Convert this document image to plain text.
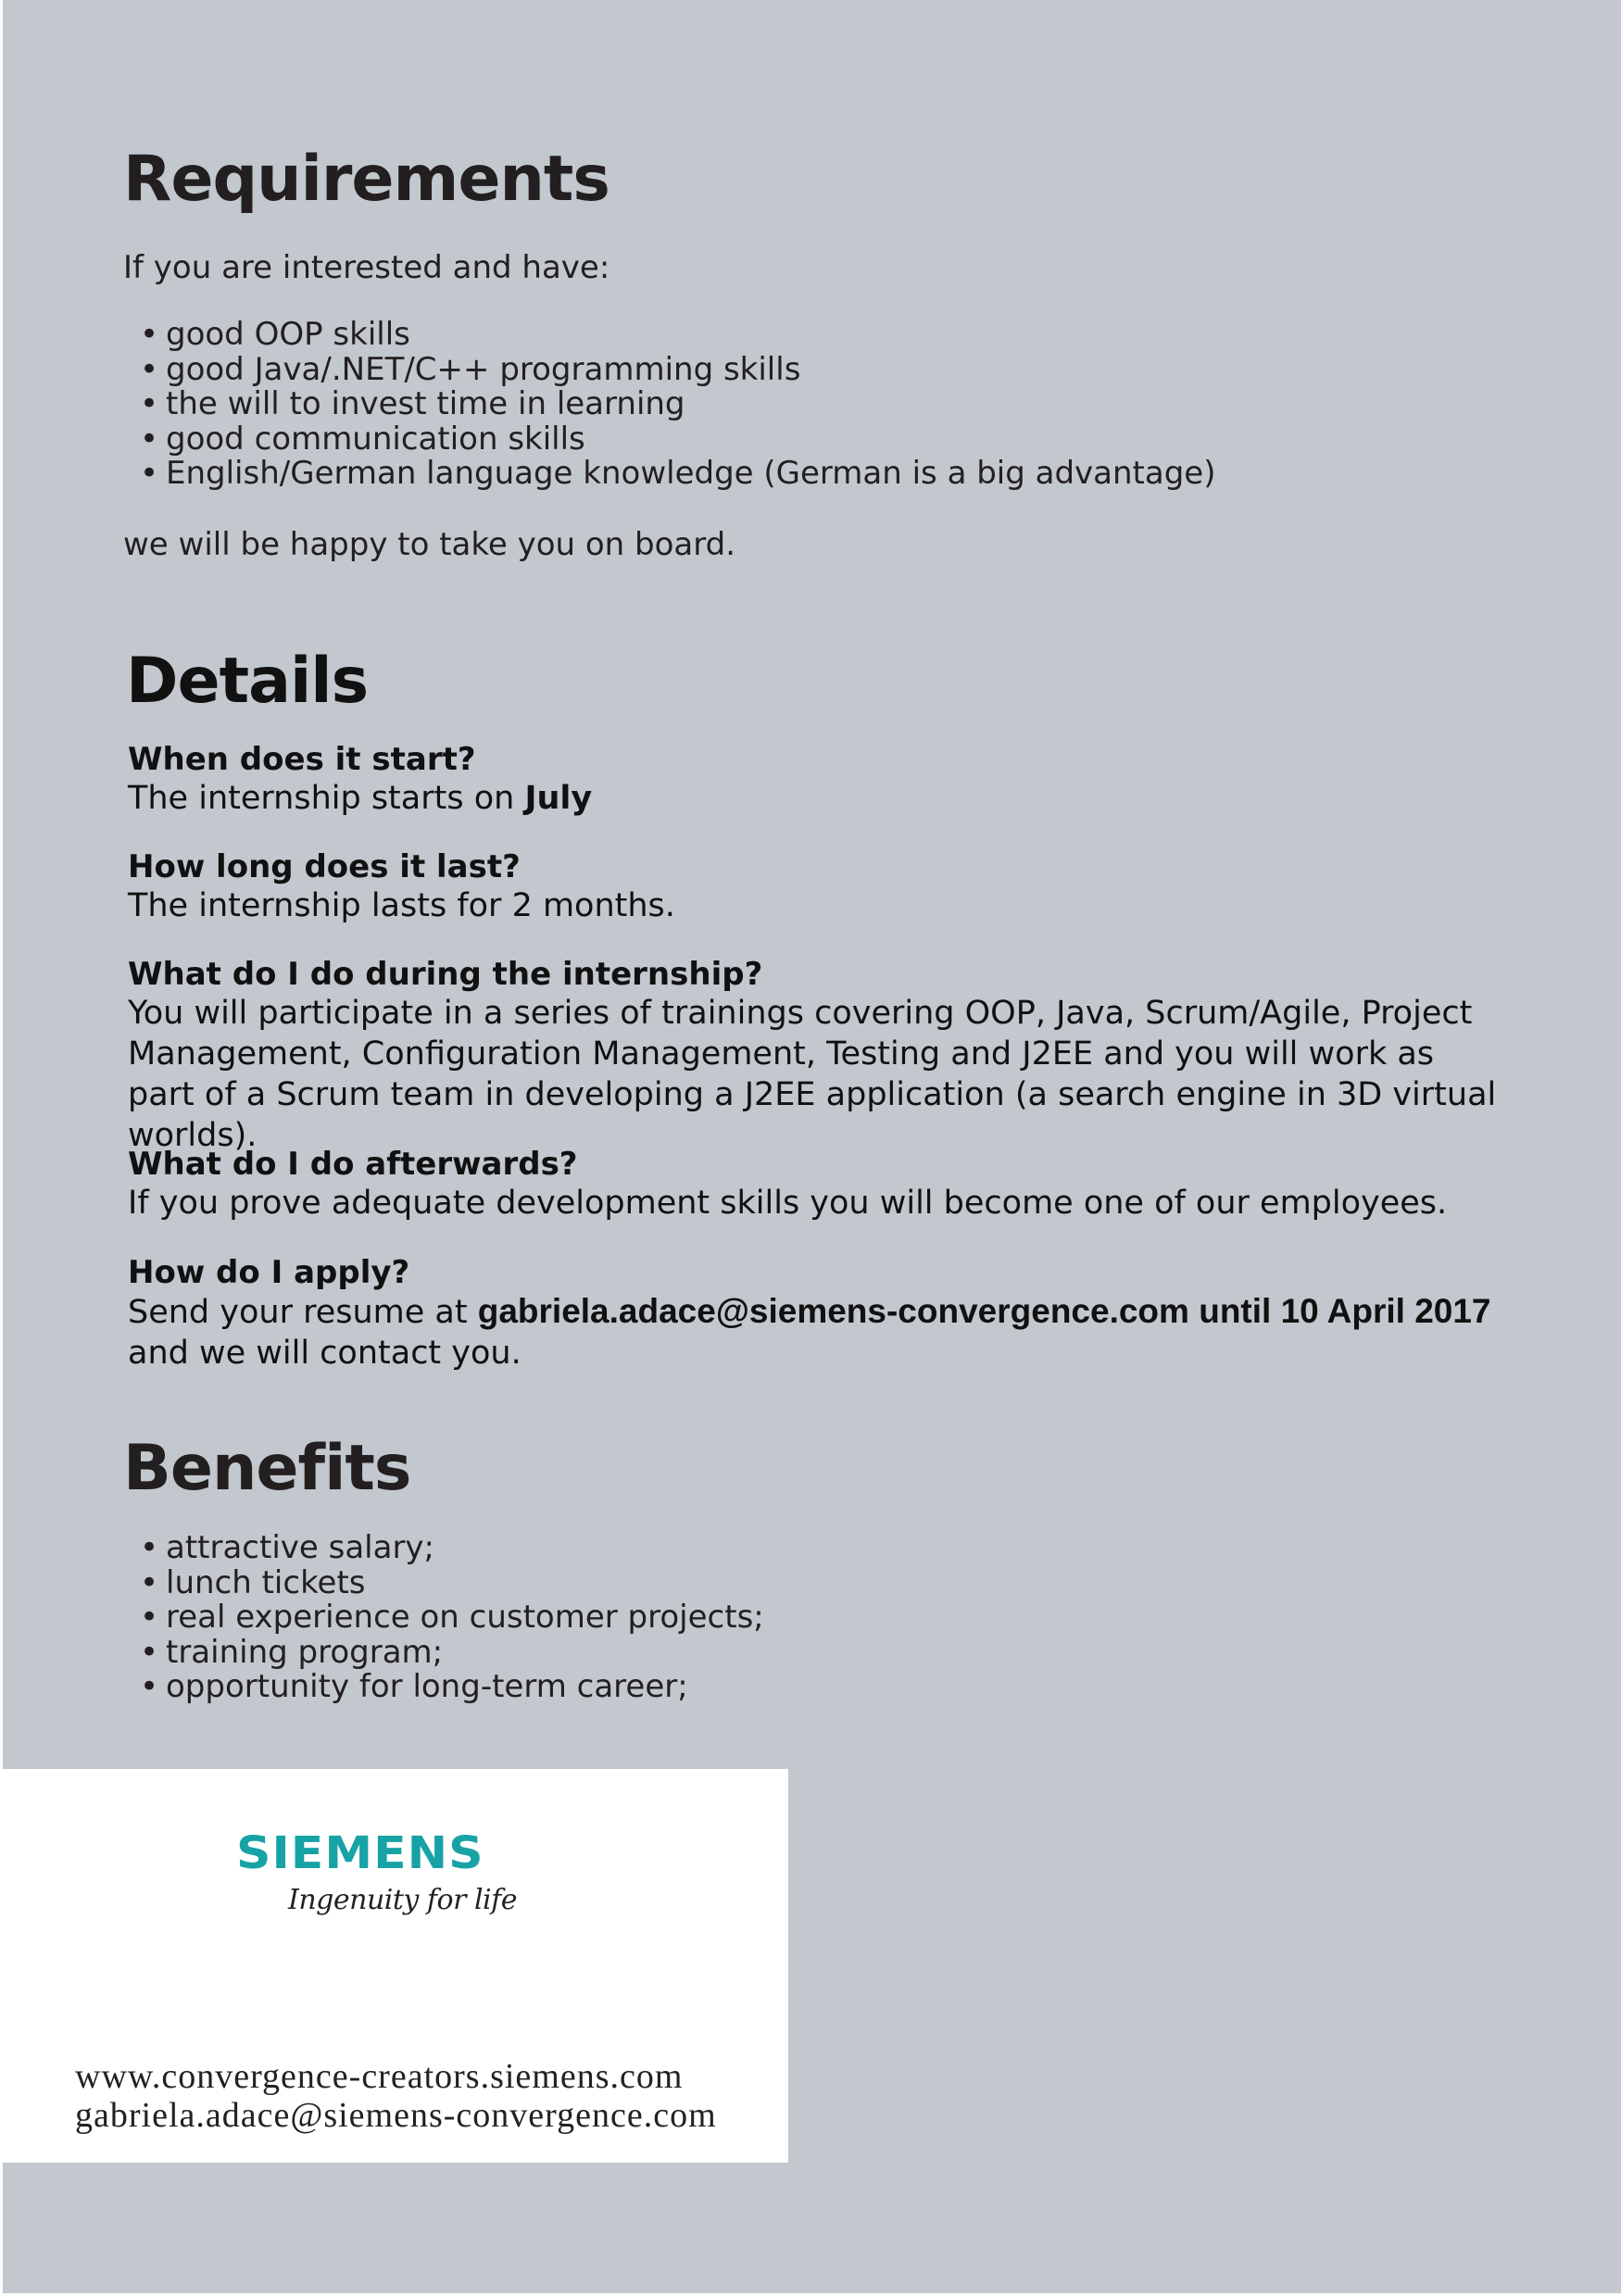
Requirements

If you are interested and have:

• good OOP skills
• good Java/.NET/C++ programming skills
• the will to invest time in learning
• good communication skills
• English/German language knowledge (German is a big advantage)

we will be happy to take you on board.

Details
When does it start?
The internship starts on July
How long does it last?
The internship lasts for 2 months.
What do I do during the internship?
You will participate in a series of trainings covering OOP, Java, Scrum/Agile, Project Management, Configuration Management, Testing and J2EE and you will work as part of a Scrum team in developing a J2EE application (a search engine in 3D virtual worlds).
What do I do afterwards?
If you prove adequate development skills you will become one of our employees.
How do I apply?
Send your resume at gabriela.adace@siemens-convergence.com until 10 April 2017
and we will contact you.
Benefits
• attractive salary;
• lunch tickets
• real experience on customer projects;
• training program;
• opportunity for long-term career;
SIEMENS
Ingenuity for life
www.convergence-creators.siemens.com
gabriela.adace@siemens-convergence.com
